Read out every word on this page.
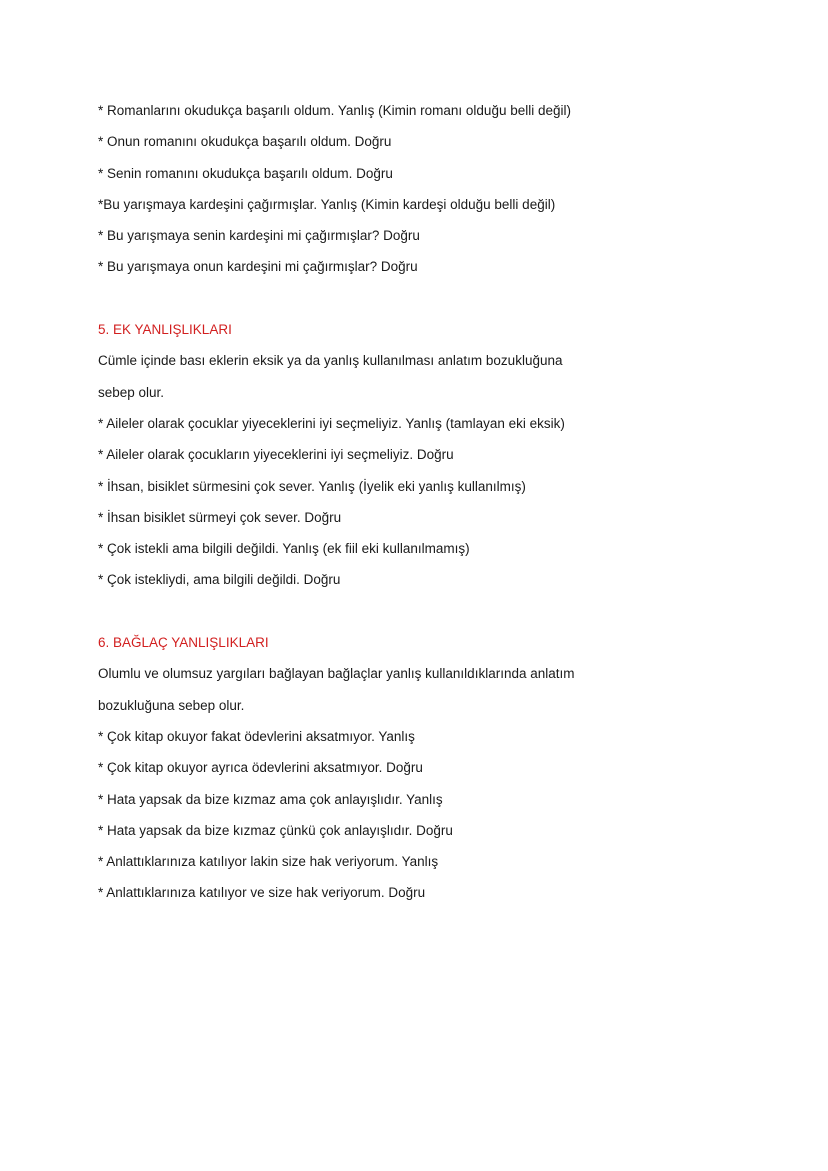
* Romanlarını okudukça başarılı oldum. Yanlış (Kimin romanı olduğu belli değil)
* Onun romanını okudukça başarılı oldum. Doğru
* Senin romanını okudukça başarılı oldum. Doğru
*Bu yarışmaya kardeşini çağırmışlar. Yanlış (Kimin kardeşi olduğu belli değil)
* Bu yarışmaya senin kardeşini mi çağırmışlar? Doğru
* Bu yarışmaya onun kardeşini mi çağırmışlar? Doğru
5. EK YANLIŞLIKLARI
Cümle içinde bası eklerin eksik ya da yanlış kullanılması anlatım bozukluğuna
sebep olur.
* Aileler olarak çocuklar yiyeceklerini iyi seçmeliyiz. Yanlış (tamlayan eki eksik)
* Aileler olarak çocukların yiyeceklerini iyi seçmeliyiz. Doğru
* İhsan, bisiklet sürmesini çok sever. Yanlış (İyelik eki yanlış kullanılmış)
* İhsan bisiklet sürmeyi çok sever. Doğru
* Çok istekli ama bilgili değildi. Yanlış (ek fiil eki kullanılmamış)
* Çok istekliydi, ama bilgili değildi. Doğru
6. BAĞLAÇ YANLIŞLIKLARI
Olumlu ve olumsuz yargıları bağlayan bağlaçlar yanlış kullanıldıklarında anlatım
bozukluğuna sebep olur.
* Çok kitap okuyor fakat ödevlerini aksatmıyor. Yanlış
* Çok kitap okuyor ayrıca ödevlerini aksatmıyor. Doğru
* Hata yapsak da bize kızmaz ama çok anlayışlıdır. Yanlış
* Hata yapsak da bize kızmaz çünkü çok anlayışlıdır. Doğru
* Anlattıklarınıza katılıyor lakin size hak veriyorum. Yanlış
* Anlattıklarınıza katılıyor ve size hak veriyorum. Doğru
